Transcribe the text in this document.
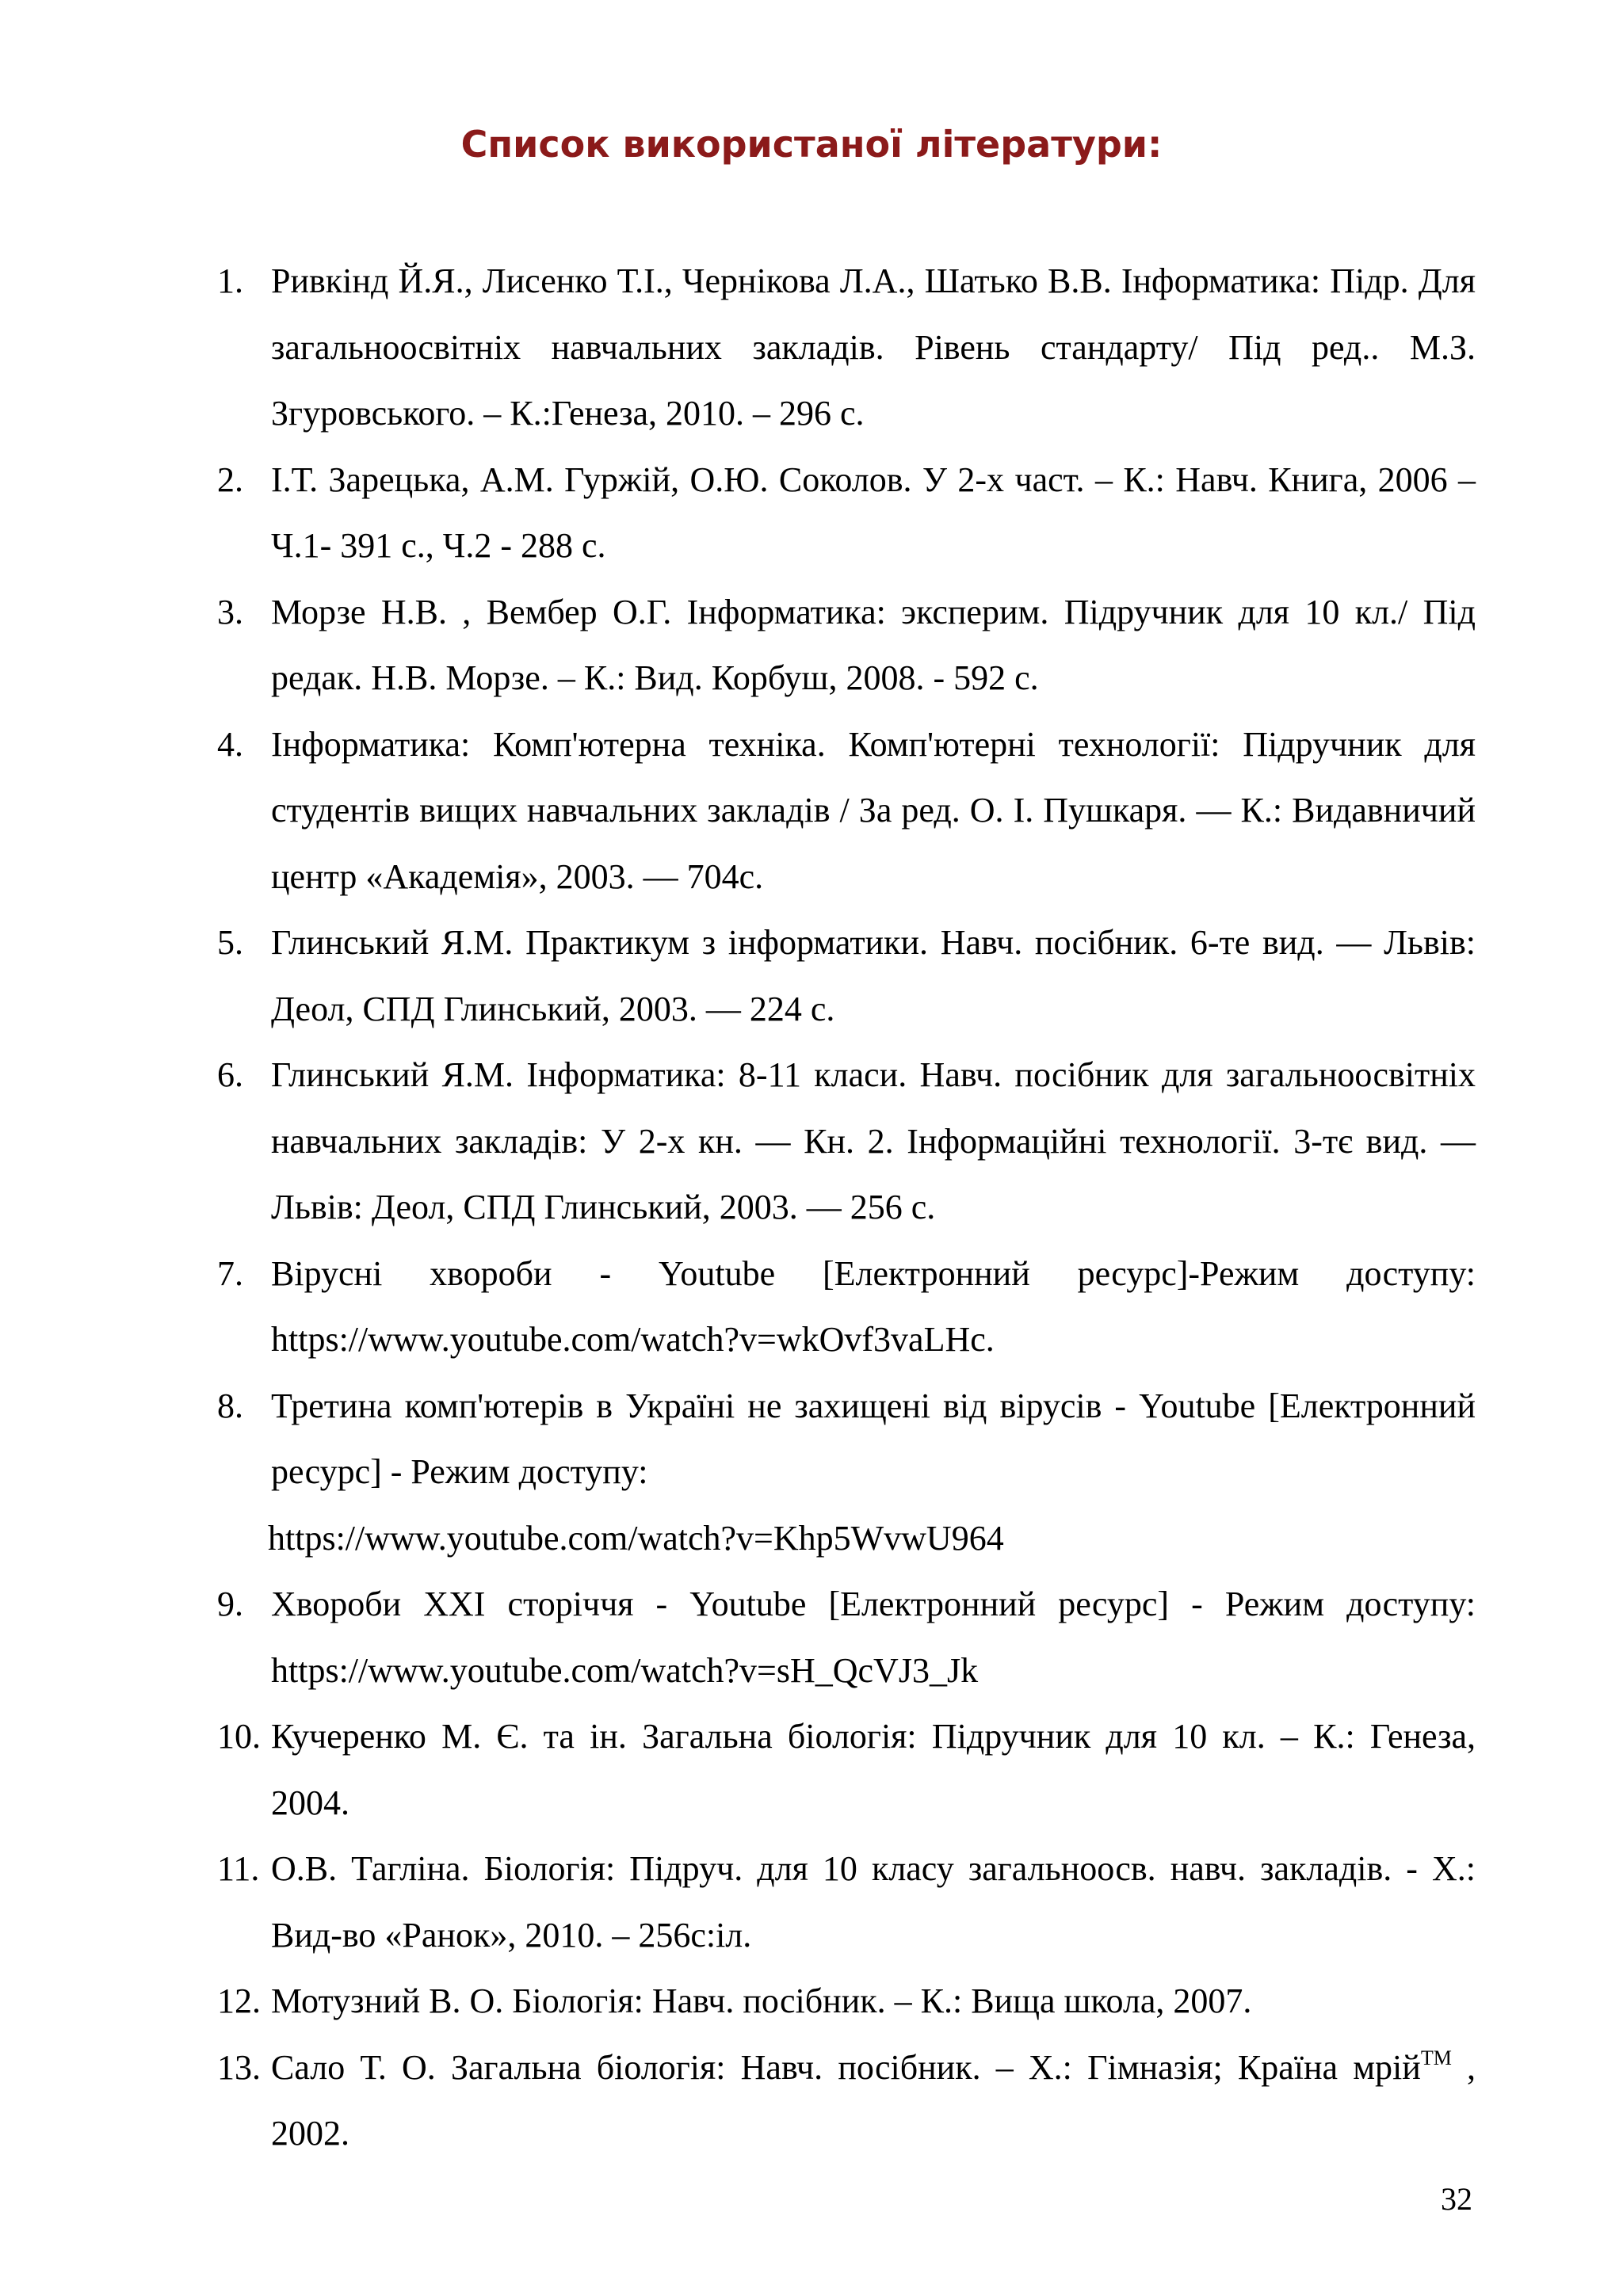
Список використаної літератури:
1. Ривкінд Й.Я., Лисенко Т.І., Чернікова Л.А., Шатько В.В. Інформатика: Підр. Для загальноосвітніх навчальних закладів. Рівень стандарту/ Під ред.. М.З. Згуровського. – К.:Генеза, 2010. – 296 с.
2. І.Т. Зарецька, А.М. Гуржій, О.Ю. Соколов. У 2-х част. – К.: Навч. Книга, 2006 – Ч.1- 391 с., Ч.2 - 288 с.
3. Морзе Н.В. , Вембер О.Г. Інформатика: эксперим. Підручник для 10 кл./ Під редак. Н.В. Морзе. – К.: Вид. Корбуш, 2008. - 592 с.
4. Інформатика: Комп'ютерна техніка. Комп'ютерні технології: Підручник для студентів вищих навчальних закладів / За ред. О. І. Пушкаря. — К.: Видавничий центр «Академія», 2003. — 704с.
5. Глинський Я.М. Практикум з інформатики. Навч. посібник. 6-те вид. — Львів: Деол, СПД Глинський, 2003. — 224 с.
6. Глинський Я.М. Інформатика: 8-11 класи. Навч. посібник для загальноосвітніх навчальних закладів: У 2-х кн. — Кн. 2. Інформаційні технології. 3-тє вид. — Львів: Деол, СПД Глинський, 2003. — 256 с.
7. Вірусні хвороби - Youtube [Електронний ресурс]-Режим доступу: https://www.youtube.com/watch?v=wkOvf3vaLHc.
8. Третина комп'ютерів в Україні не захищені від вірусів - Youtube [Електронний ресурс] - Режим доступу:
https://www.youtube.com/watch?v=Khp5WvwU964
9. Хвороби XXI сторіччя - Youtube [Електронний ресурс] - Режим доступу: https://www.youtube.com/watch?v=sH_QcVJ3_Jk
10. Кучеренко М. Є. та ін. Загальна біологія: Підручник для 10 кл. – К.: Генеза, 2004.
11. О.В. Тагліна. Біологія: Підруч. для 10 класу загальноосв. навч. закладів. - Х.: Вид-во «Ранок», 2010. – 256с:іл.
12. Мотузний В. О. Біологія: Навч. посібник. – К.: Вища школа, 2007.
13. Сало Т. О. Загальна біологія: Навч. посібник. – Х.: Гімназія; Країна мрій™ , 2002.
32
